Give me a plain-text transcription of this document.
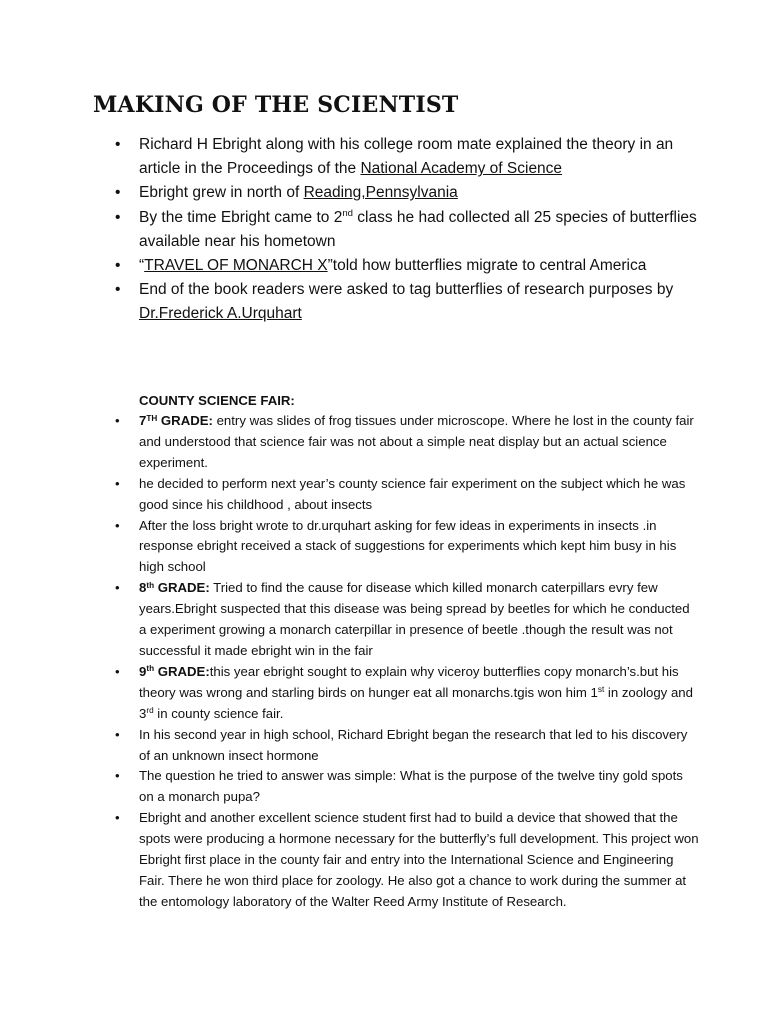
MAKING OF THE SCIENTIST
• Richard H Ebright along with his college room mate explained the theory in an article in the Proceedings of the National Academy of Science
• Ebright grew in north of Reading,Pennsylvania
• By the time Ebright came to 2nd class he had collected all 25 species of butterflies available near his hometown
• “TRAVEL OF MONARCH X”told how butterflies migrate to central America
• End of the book readers were asked to tag butterflies of research purposes by Dr.Frederick A.Urquhart

COUNTY SCIENCE FAIR:

• 7TH GRADE: entry was slides of frog tissues under microscope. Where he lost in the county fair and understood that science fair was not about a simple neat display but an actual science experiment.
• he decided to perform next year’s county science fair experiment on the subject which he was good since his childhood , about insects
• After the loss bright wrote to dr.urquhart asking for few ideas in experiments in insects .in response ebright received a stack of suggestions for experiments which kept him busy in his high school
• 8th GRADE: Tried to find the cause for disease which killed monarch caterpillars evry few years.Ebright suspected that this disease was being spread by beetles for which he conducted a experiment growing a monarch caterpillar in presence of beetle .though the result was not successful it made ebright win in the fair
• 9th GRADE:this year ebright sought to explain why viceroy butterflies copy monarch’s.but his theory was wrong and starling birds on hunger eat all monarchs.tgis won him 1st in zoology and 3rd in county science fair.
• In his second year in high school, Richard Ebright began the research that led to his discovery of an unknown insect hormone
• The question he tried to answer was simple: What is the purpose of the twelve tiny gold spots on a monarch pupa?
• Ebright and another excellent science student first had to build a device that showed that the spots were producing a hormone necessary for the butterfly’s full development. This project won Ebright first place in the county fair and entry into the International Science and Engineering Fair. There he won third place for zoology. He also got a chance to work during the summer at the entomology laboratory of the Walter Reed Army Institute of Research.
